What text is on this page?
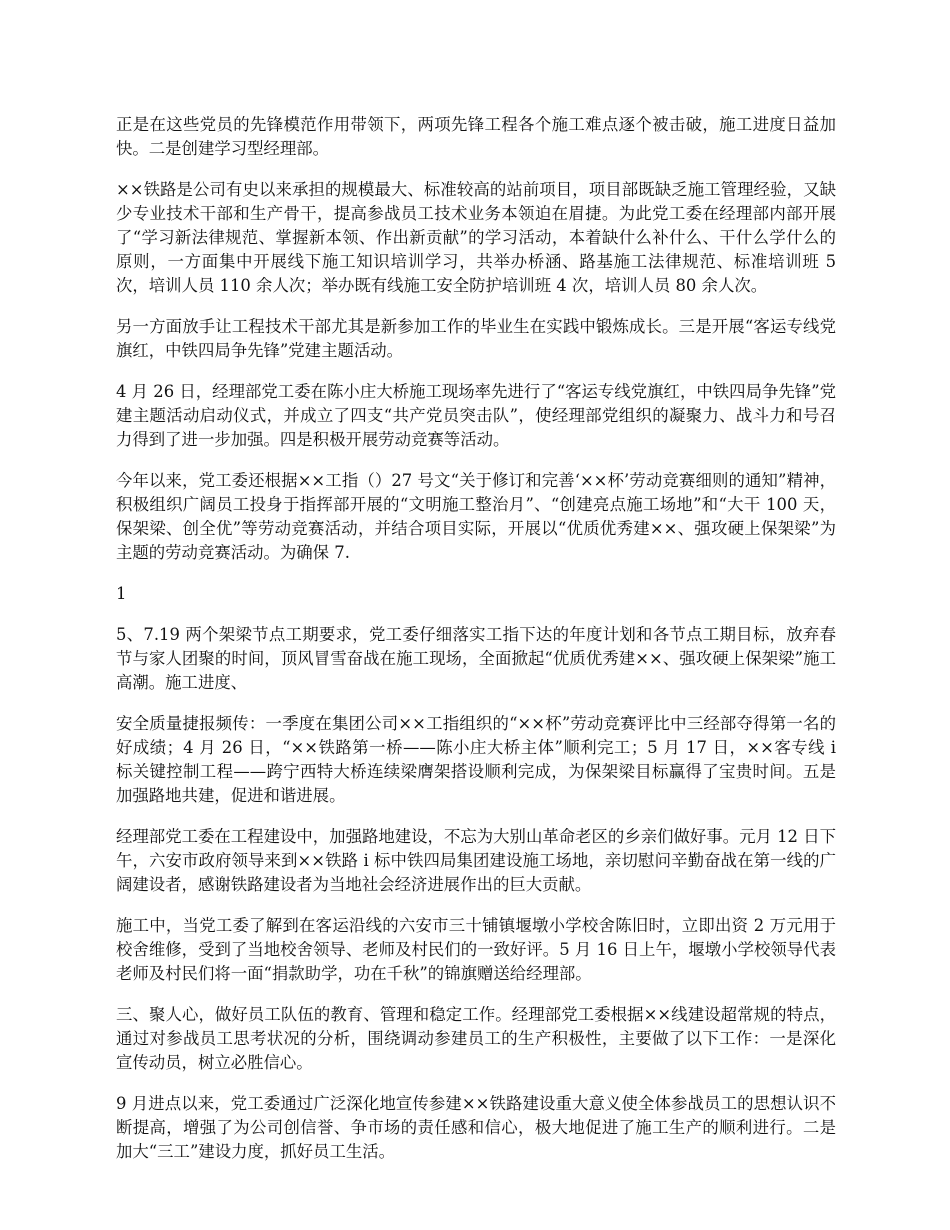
正是在这些党员的先锋模范作用带领下，两项先锋工程各个施工难点逐个被击破，施工进度日益加快。二是创建学习型经理部。

××铁路是公司有史以来承担的规模最大、标准较高的站前项目，项目部既缺乏施工管理经验，又缺少专业技术干部和生产骨干，提高参战员工技术业务本领迫在眉捷。为此党工委在经理部内部开展了“学习新法律规范、掌握新本领、作出新贡献”的学习活动，本着缺什么补什么、干什么学什么的原则，一方面集中开展线下施工知识培训学习，共举办桥涵、路基施工法律规范、标准培训班 5 次，培训人员 110 余人次；举办既有线施工安全防护培训班 4 次，培训人员 80 余人次。

另一方面放手让工程技术干部尤其是新参加工作的毕业生在实践中锻炼成长。三是开展“客运专线党旗红，中铁四局争先锋”党建主题活动。

4 月 26 日，经理部党工委在陈小庄大桥施工现场率先进行了“客运专线党旗红，中铁四局争先锋”党建主题活动启动仪式，并成立了四支“共产党员突击队”，使经理部党组织的凝聚力、战斗力和号召力得到了进一步加强。四是积极开展劳动竞赛等活动。

今年以来，党工委还根据××工指（）27 号文“关于修订和完善‘××杯’劳动竞赛细则的通知”精神，积极组织广阔员工投身于指挥部开展的“文明施工整治月”、“创建亮点施工场地”和“大干 100 天，保架梁、创全优”等劳动竞赛活动，并结合项目实际，开展以“优质优秀建××、强攻硬上保架梁”为主题的劳动竞赛活动。为确保 7.

1

5、7.19 两个架梁节点工期要求，党工委仔细落实工指下达的年度计划和各节点工期目标，放弃春节与家人团聚的时间，顶风冒雪奋战在施工现场，全面掀起“优质优秀建××、强攻硬上保架梁”施工高潮。施工进度、

安全质量捷报频传：一季度在集团公司××工指组织的“××杯”劳动竞赛评比中三经部夺得第一名的好成绩；4 月 26 日，“××铁路第一桥——陈小庄大桥主体”顺利完工；5 月 17 日，××客专线 i 标关键控制工程——跨宁西特大桥连续梁膺架搭设顺利完成，为保架梁目标赢得了宝贵时间。五是加强路地共建，促进和谐进展。

经理部党工委在工程建设中，加强路地建设，不忘为大别山革命老区的乡亲们做好事。元月 12 日下午，六安市政府领导来到××铁路 i 标中铁四局集团建设施工场地，亲切慰问辛勤奋战在第一线的广阔建设者，感谢铁路建设者为当地社会经济进展作出的巨大贡献。

施工中，当党工委了解到在客运沿线的六安市三十铺镇堰墩小学校舍陈旧时，立即出资 2 万元用于校舍维修，受到了当地校舍领导、老师及村民们的一致好评。5 月 16 日上午，堰墩小学校领导代表老师及村民们将一面“捐款助学，功在千秋”的锦旗赠送给经理部。

三、聚人心，做好员工队伍的教育、管理和稳定工作。经理部党工委根据××线建设超常规的特点，通过对参战员工思考状况的分析，围绕调动参建员工的生产积极性，主要做了以下工作：一是深化宣传动员，树立必胜信心。

9 月进点以来，党工委通过广泛深化地宣传参建××铁路建设重大意义使全体参战员工的思想认识不断提高，增强了为公司创信誉、争市场的责任感和信心，极大地促进了施工生产的顺利进行。二是加大“三工”建设力度，抓好员工生活。
